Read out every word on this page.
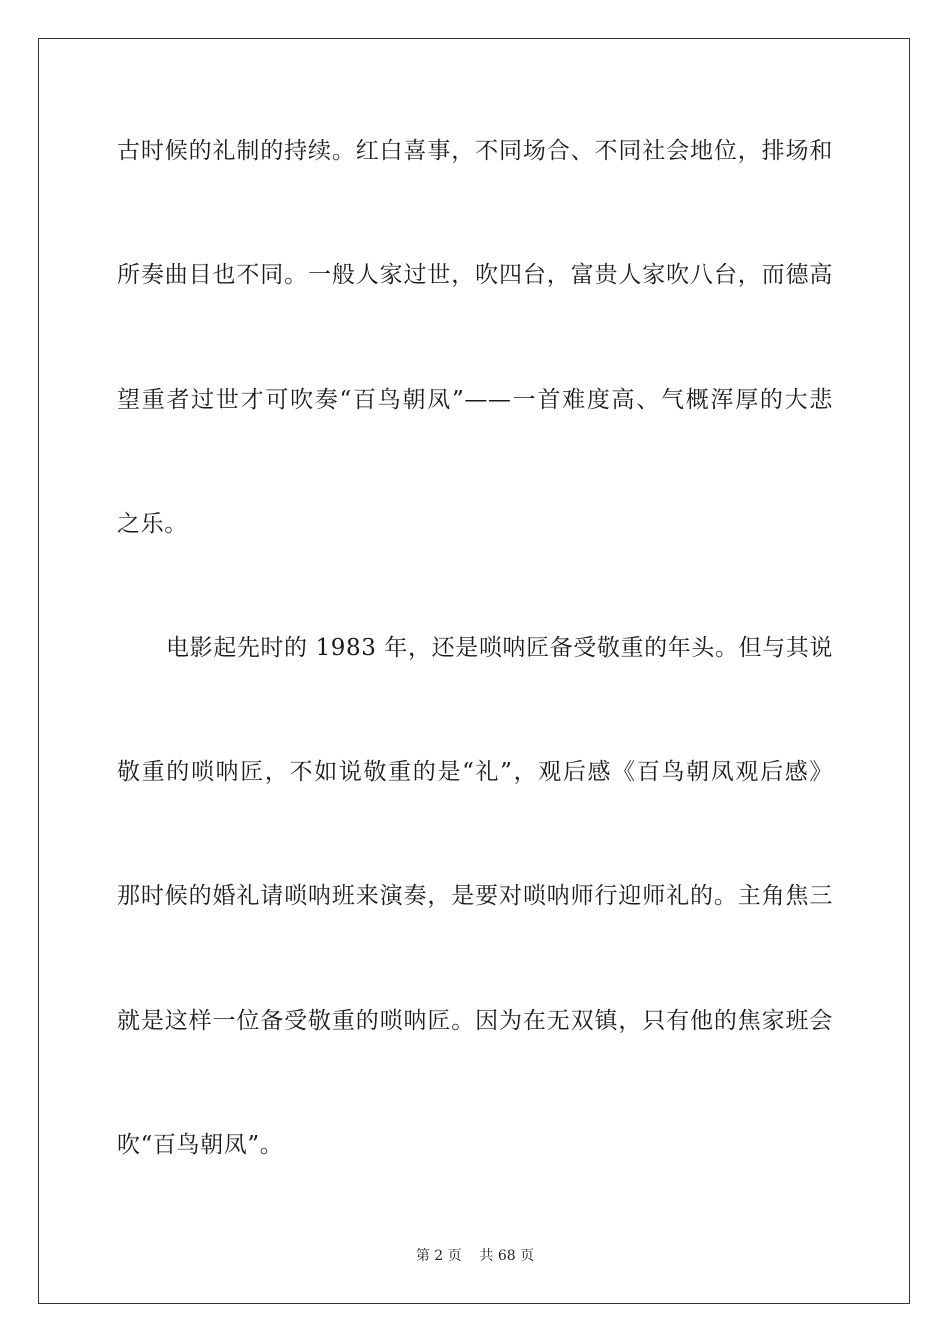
古时候的礼制的持续。红白喜事，不同场合、不同社会地位，排场和
所奏曲目也不同。一般人家过世，吹四台，富贵人家吹八台，而德高
望重者过世才可吹奏“百鸟朝凤”——一首难度高、气概浑厚的大悲
之乐。
电影起先时的 1983 年，还是唢呐匠备受敬重的年头。但与其说
敬重的唢呐匠，不如说敬重的是“礼”，观后感《百鸟朝凤观后感》
那时候的婚礼请唢呐班来演奏，是要对唢呐师行迎师礼的。主角焦三
就是这样一位备受敬重的唢呐匠。因为在无双镇，只有他的焦家班会
吹“百鸟朝凤”。
第 2 页    共 68 页
